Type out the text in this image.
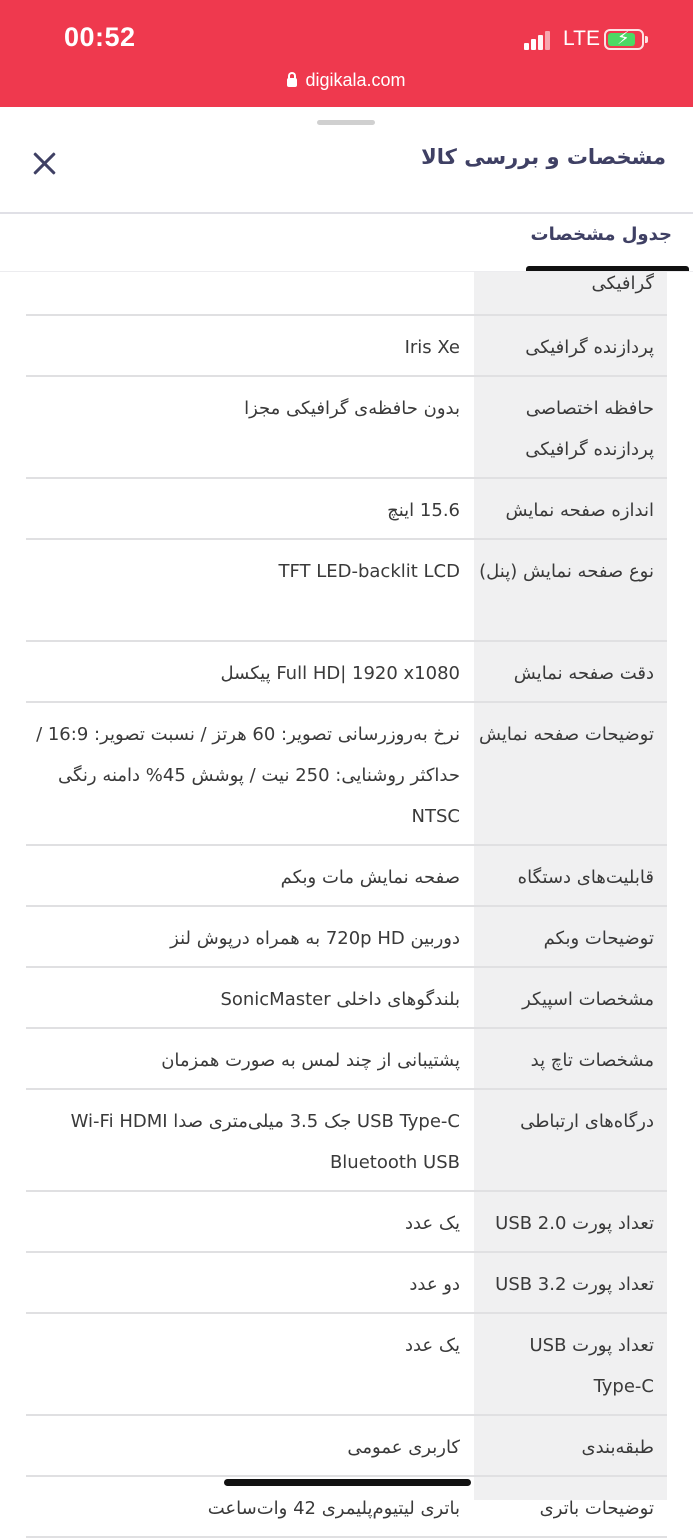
00:52	LTE ⚡
digikala.com
مشخصات و بررسی کالا
جدول مشخصات
گرافیکی
پردازنده گرافیکی
Iris Xe
حافظه اختصاصی پردازنده گرافیکی
بدون حافظه‌ی گرافیکی مجزا
اندازه صفحه نمایش
15.6 اینچ
نوع صفحه نمایش (پنل)
TFT LED-backlit LCD
دقت صفحه نمایش
Full HD| 1920 x1080 پیکسل
توضیحات صفحه نمایش
نرخ به‌روزرسانی تصویر: 60 هرتز / نسبت تصویر: 16:9 / حداکثر روشنایی: 250 نیت / پوشش 45% دامنه رنگی NTSC
قابلیت‌های دستگاه
صفحه نمایش مات وبکم
توضیحات وبکم
دوربین 720p HD به همراه درپوش لنز
مشخصات اسپیکر
بلندگوهای داخلی SonicMaster
مشخصات تاچ پد
پشتیبانی از چند لمس به صورت همزمان
درگاه‌های ارتباطی
USB Type-C جک 3.5 میلی‌متری صدا Wi-Fi HDMI Bluetooth USB
تعداد پورت USB 2.0
یک عدد
تعداد پورت USB 3.2
دو عدد
تعداد پورت USB Type-C
یک عدد
طبقه‌بندی
کاربری عمومی
توضیحات باتری
باتری لیتیوم‌پلیمری 42 وات‌ساعت
